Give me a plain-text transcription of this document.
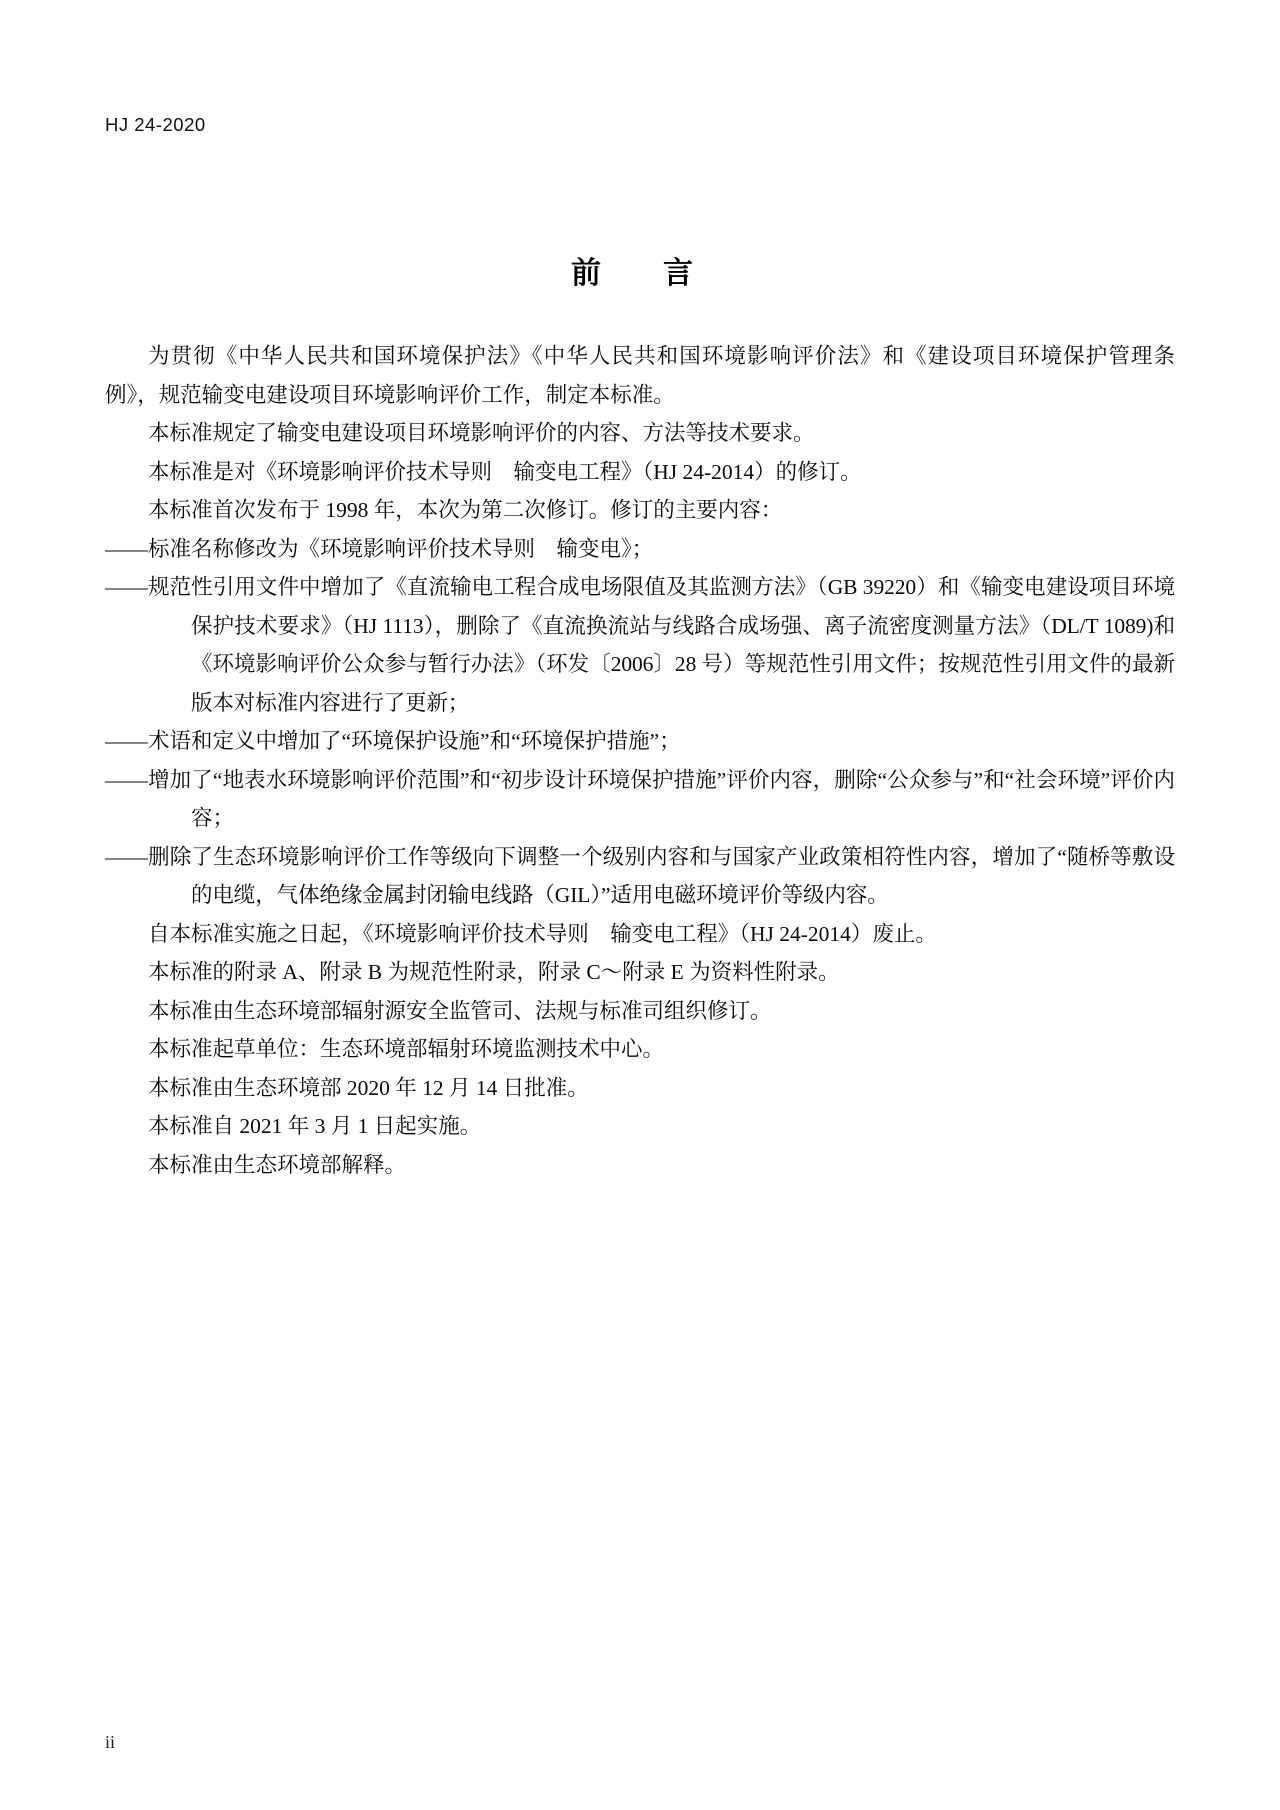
HJ 24-2020
前　言

为贯彻《中华人民共和国环境保护法》《中华人民共和国环境影响评价法》和《建设项目环境保护管理条例》，规范输变电建设项目环境影响评价工作，制定本标准。

本标准规定了输变电建设项目环境影响评价的内容、方法等技术要求。

本标准是对《环境影响评价技术导则　输变电工程》（HJ 24-2014）的修订。

本标准首次发布于 1998 年，本次为第二次修订。修订的主要内容：

——标准名称修改为《环境影响评价技术导则　输变电》；

——规范性引用文件中增加了《直流输电工程合成电场限值及其监测方法》（GB 39220）和《输变电建设项目环境保护技术要求》（HJ 1113），删除了《直流换流站与线路合成场强、离子流密度测量方法》（DL/T 1089)和《环境影响评价公众参与暂行办法》（环发〔2006〕28 号）等规范性引用文件；按规范性引用文件的最新版本对标准内容进行了更新；

——术语和定义中增加了“环境保护设施”和“环境保护措施”；

——增加了“地表水环境影响评价范围”和“初步设计环境保护措施”评价内容，删除“公众参与”和“社会环境”评价内容；

——删除了生态环境影响评价工作等级向下调整一个级别内容和与国家产业政策相符性内容，增加了“随桥等敷设的电缆，气体绝缘金属封闭输电线路（GIL）”适用电磁环境评价等级内容。

自本标准实施之日起，《环境影响评价技术导则　输变电工程》（HJ 24-2014）废止。

本标准的附录 A、附录 B 为规范性附录，附录 C～附录 E 为资料性附录。

本标准由生态环境部辐射源安全监管司、法规与标准司组织修订。

本标准起草单位：生态环境部辐射环境监测技术中心。

本标准由生态环境部 2020 年 12 月 14 日批准。

本标准自 2021 年 3 月 1 日起实施。

本标准由生态环境部解释。

ii
